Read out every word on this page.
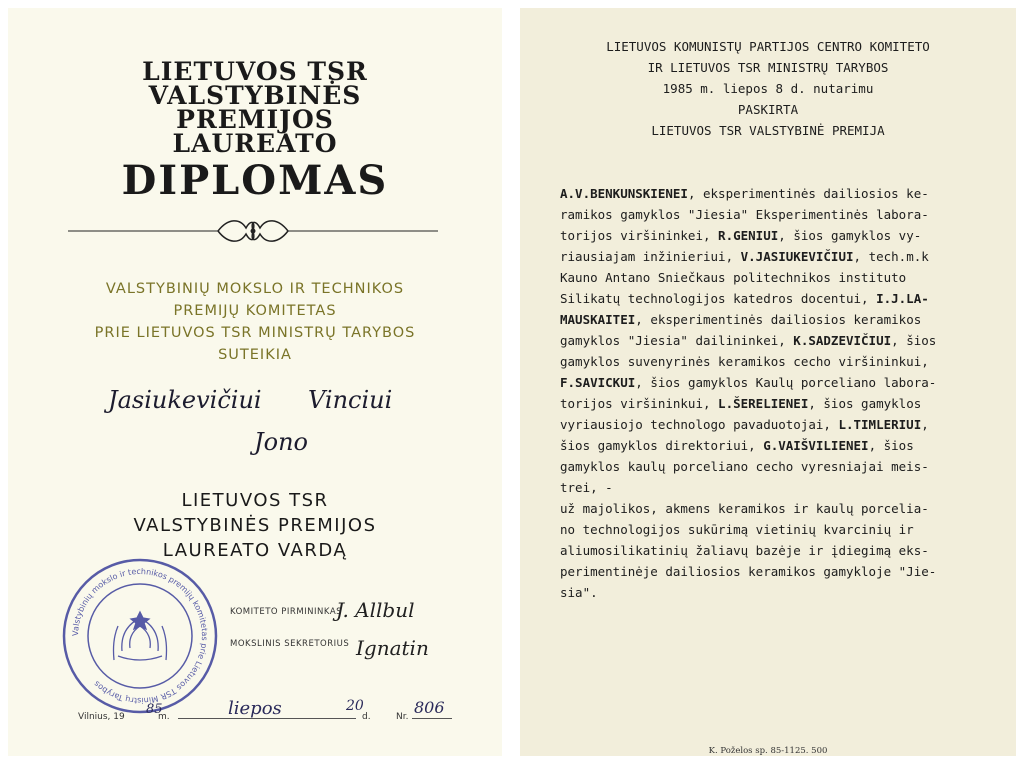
LIETUVOS TSR
VALSTYBINĖS
PREMIJOS
LAUREATO
DIPLOMAS
VALSTYBINIŲ MOKSLO IR TECHNIKOS
PREMIJŲ KOMITETAS
PRIE LIETUVOS TSR MINISTRŲ TARYBOS
SUTEIKIA
Jasiukevičiui Vinciui
Jono
LIETUVOS TSR
VALSTYBINĖS PREMIJOS
LAUREATO VARDĄ
Valstybinių mokslo ir technikos premijų komitetas prie Lietuvos TSR Ministrų Tarybos
KOMITETO PIRMININKAS
MOKSLINIS SEKRETORIUS
J. Allbul
Ignatin
Vilnius, 19 85
m.	liepos	20
d.	Nr. 806
LIETUVOS KOMUNISTŲ PARTIJOS CENTRO KOMITETO
IR LIETUVOS TSR MINISTRŲ TARYBOS
1985 m. liepos 8 d. nutarimu
PASKIRTA
LIETUVOS TSR VALSTYBINĖ PREMIJA

A.V.BENKUNSKIENEI, eksperimentinės dailiosios ke-

ramikos gamyklos "Jiesia" Eksperimentinės labora-

torijos viršininkei, R.GENIUI, šios gamyklos vy-

riausiajam inžinieriui, V.JASIUKEVIČIUI, tech.m.k

Kauno Antano Sniečkaus politechnikos instituto

Silikatų technologijos katedros docentui, I.J.LA-

MAUSKAITEI, eksperimentinės dailiosios keramikos

gamyklos "Jiesia" dailininkei, K.SADZEVIČIUI, šios

gamyklos suvenyrinės keramikos cecho viršininkui,

F.SAVICKUI, šios gamyklos Kaulų porceliano labora-

torijos viršininkui, L.ŠERELIENEI, šios gamyklos

vyriausiojo technologo pavaduotojai, L.TIMLERIUI,

šios gamyklos direktoriui, G.VAIŠVILIENEI, šios

gamyklos kaulų porceliano cecho vyresniajai meis-

trei, -

už majolikos, akmens keramikos ir kaulų porcelia-

no technologijos sukūrimą vietinių kvarcinių ir

aliumosilikatinių žaliavų bazėje ir įdiegimą eks-

perimentinėje dailiosios keramikos gamykloje "Jie-

sia".

K. Poželos sp. 85-1125. 500
